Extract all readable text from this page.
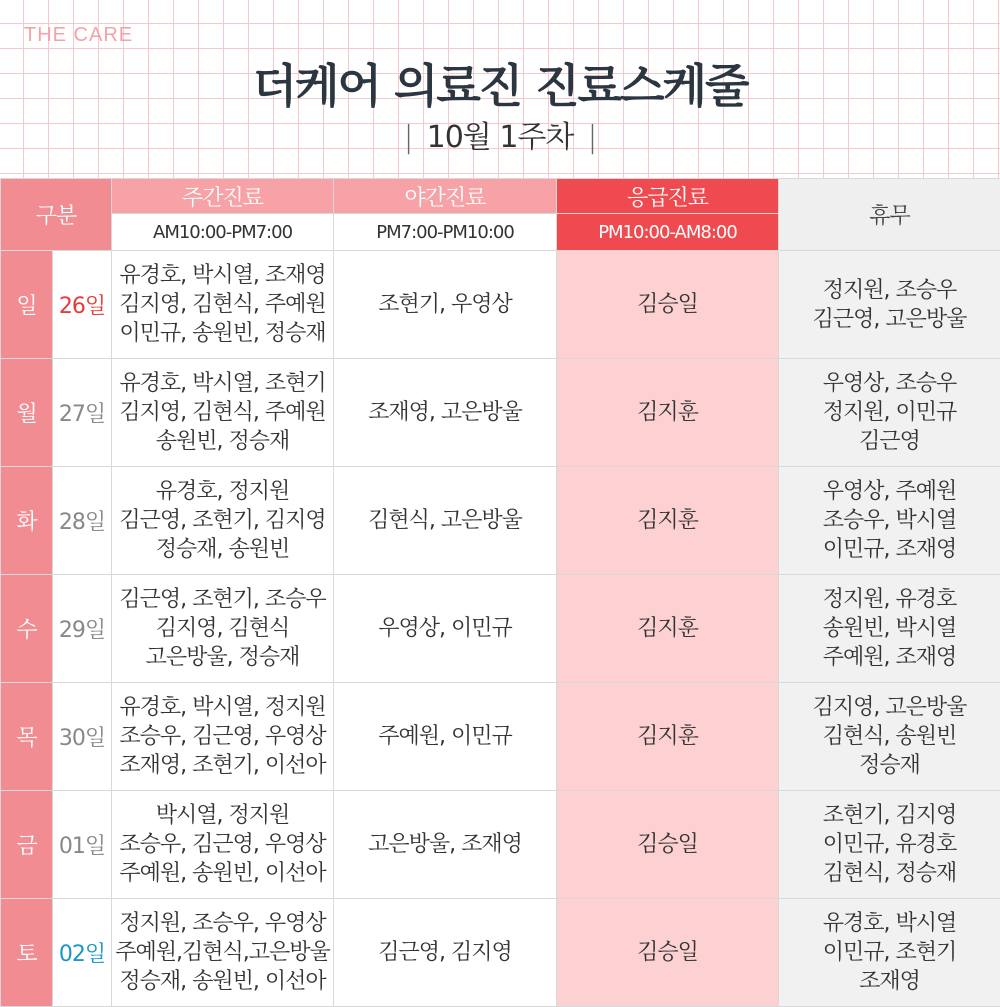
THE CARE
더케어 의료진 진료스케줄
| 10월 1주차 |
구분		주간진료	야간진료	응급진료	휴무
		AM10:00-PM7:00	PM7:00-PM10:00	PM10:00-AM8:00	
일	26일	유경호, 박시열, 조재영
김지영, 김현식, 주예원
이민규, 송원빈, 정승재	조현기, 우영상	김승일	정지원, 조승우
김근영, 고은방울
월	27일	유경호, 박시열, 조현기
김지영, 김현식, 주예원
송원빈, 정승재	조재영, 고은방울	김지훈	우영상, 조승우
정지원, 이민규
김근영
화	28일	유경호, 정지원
김근영, 조현기, 김지영
정승재, 송원빈	김현식, 고은방울	김지훈	우영상, 주예원
조승우, 박시열
이민규, 조재영
수	29일	김근영, 조현기, 조승우
김지영, 김현식
고은방울, 정승재	우영상, 이민규	김지훈	정지원, 유경호
송원빈, 박시열
주예원, 조재영
목	30일	유경호, 박시열, 정지원
조승우, 김근영, 우영상
조재영, 조현기, 이선아	주예원, 이민규	김지훈	김지영, 고은방울
김현식, 송원빈
정승재
금	01일	박시열, 정지원
조승우, 김근영, 우영상
주예원, 송원빈, 이선아	고은방울, 조재영	김승일	조현기, 김지영
이민규, 유경호
김현식, 정승재
토	02일	정지원, 조승우, 우영상
주예원,김현식,고은방울
정승재, 송원빈, 이선아	김근영, 김지영	김승일	유경호, 박시열
이민규, 조현기
조재영
